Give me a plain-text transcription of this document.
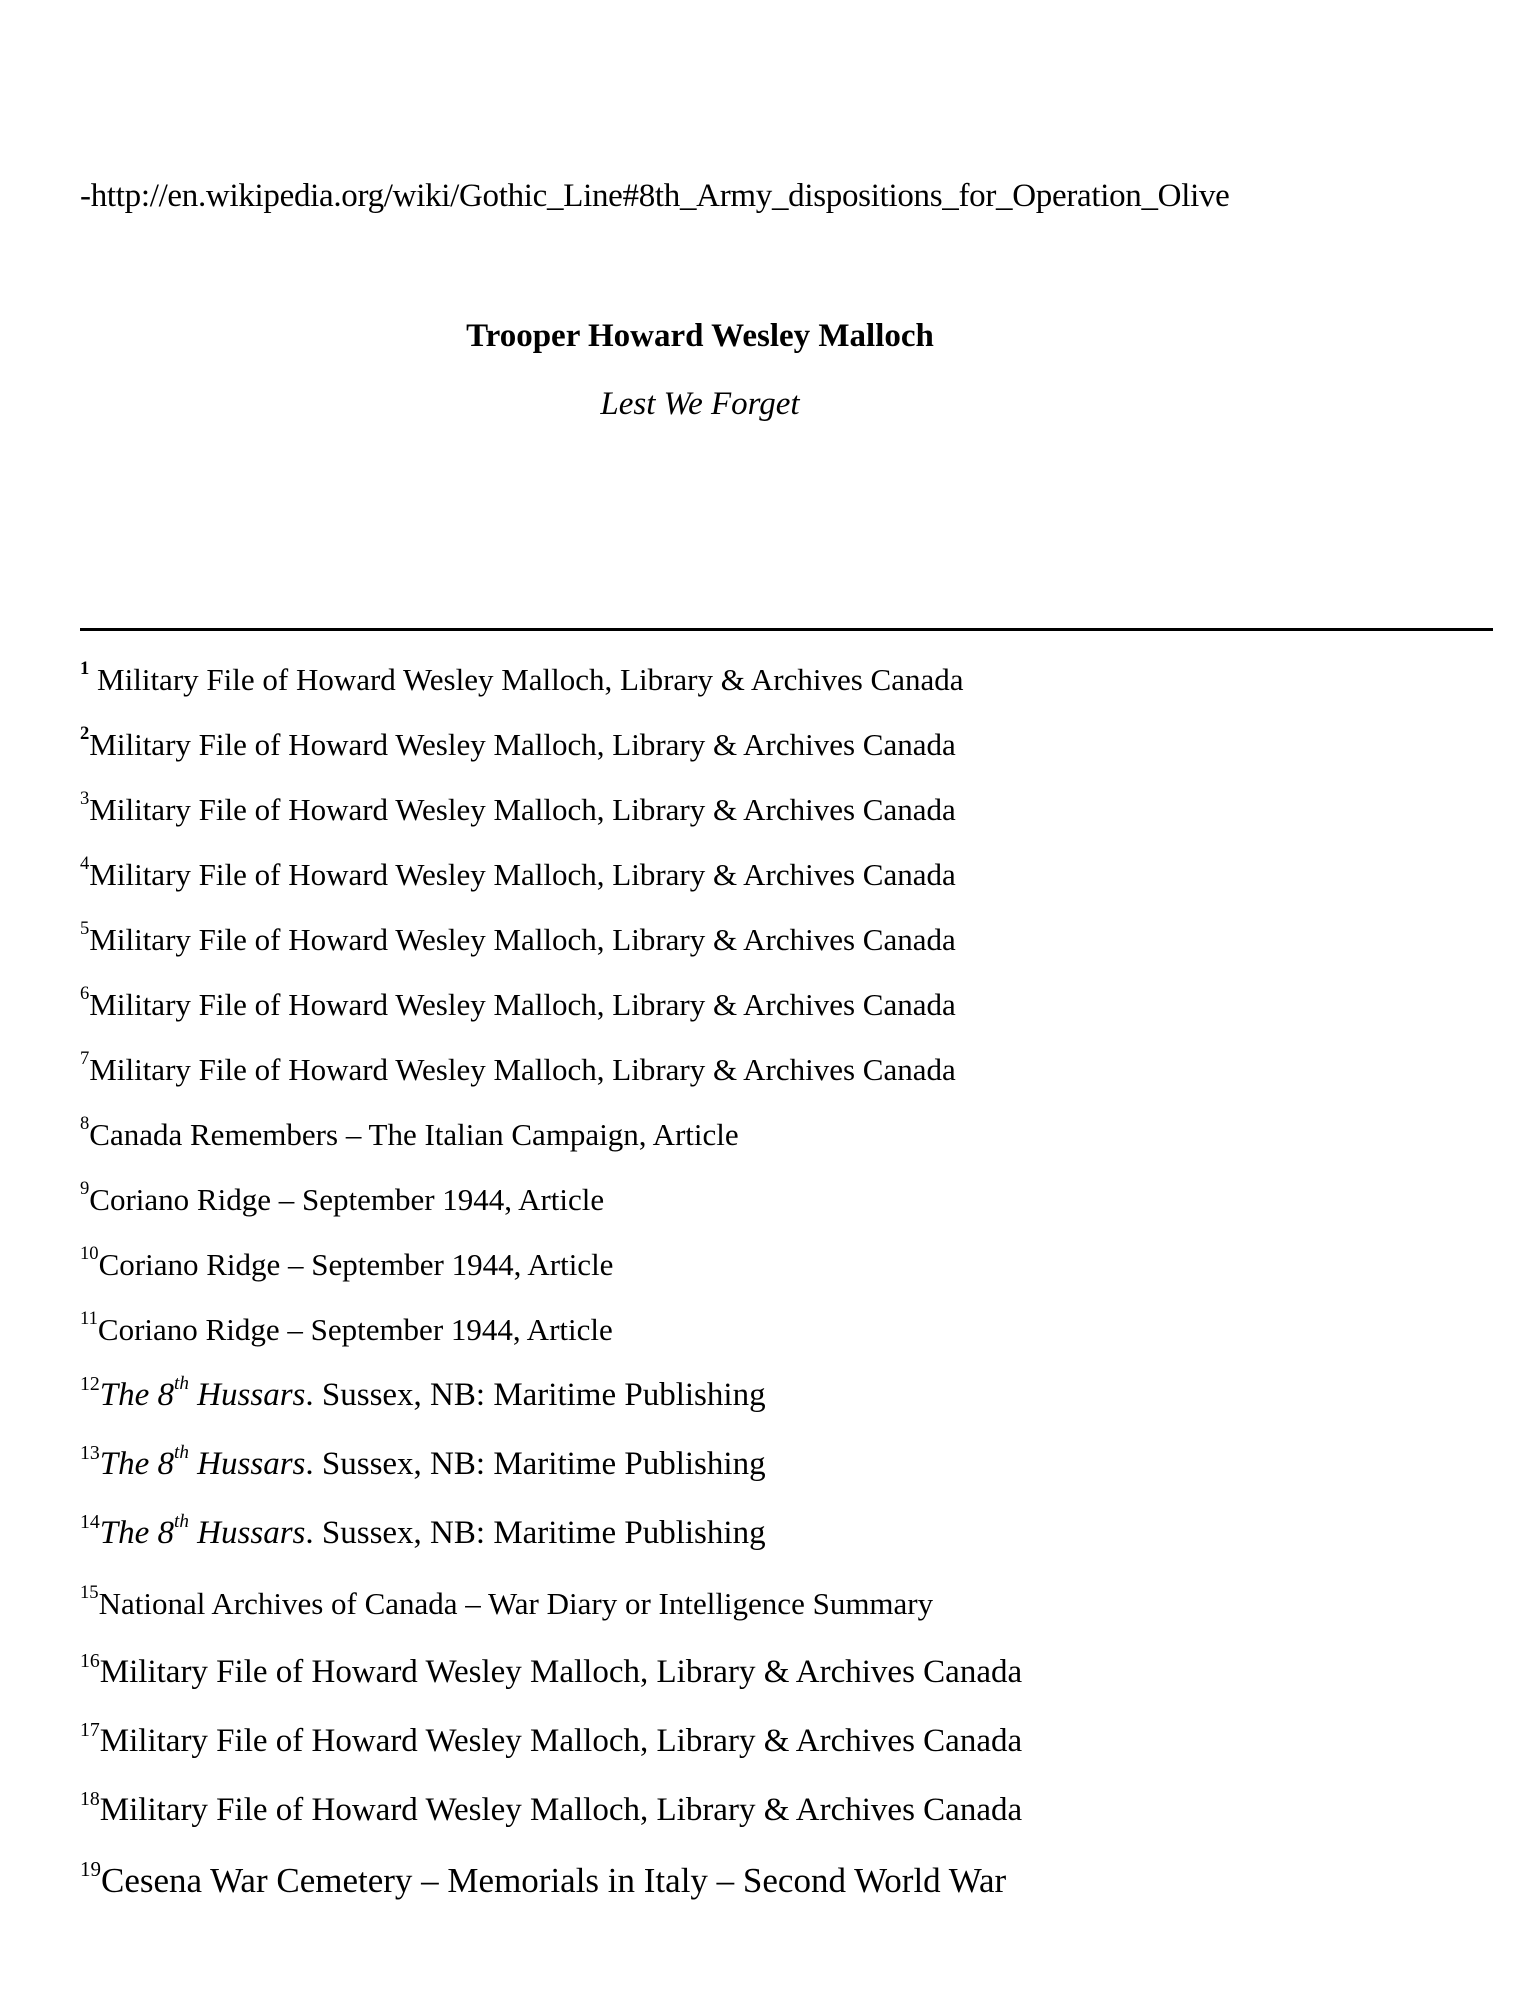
-http://en.wikipedia.org/wiki/Gothic_Line#8th_Army_dispositions_for_Operation_Olive
Trooper Howard Wesley Malloch
Lest We Forget
$^1$ Military File of Howard Wesley Malloch, Library & Archives Canada
$^2$Military File of Howard Wesley Malloch, Library & Archives Canada
$^3$Military File of Howard Wesley Malloch, Library & Archives Canada
$^4$Military File of Howard Wesley Malloch, Library & Archives Canada
$^5$Military File of Howard Wesley Malloch, Library & Archives Canada
$^6$Military File of Howard Wesley Malloch, Library & Archives Canada
$^7$Military File of Howard Wesley Malloch, Library & Archives Canada
$^8$Canada Remembers – The Italian Campaign, Article
$^9$Coriano Ridge – September 1944, Article
$^{10}$Coriano Ridge – September 1944, Article
$^{11}$Coriano Ridge – September 1944, Article
$^{12}$The 8th Hussars. Sussex, NB: Maritime Publishing
$^{13}$The 8th Hussars. Sussex, NB: Maritime Publishing
$^{14}$The 8th Hussars. Sussex, NB: Maritime Publishing
$^{15}$National Archives of Canada – War Diary or Intelligence Summary
$^{16}$Military File of Howard Wesley Malloch, Library & Archives Canada
$^{17}$Military File of Howard Wesley Malloch, Library & Archives Canada
$^{18}$Military File of Howard Wesley Malloch, Library & Archives Canada
$^{19}$Cesena War Cemetery – Memorials in Italy – Second World War
